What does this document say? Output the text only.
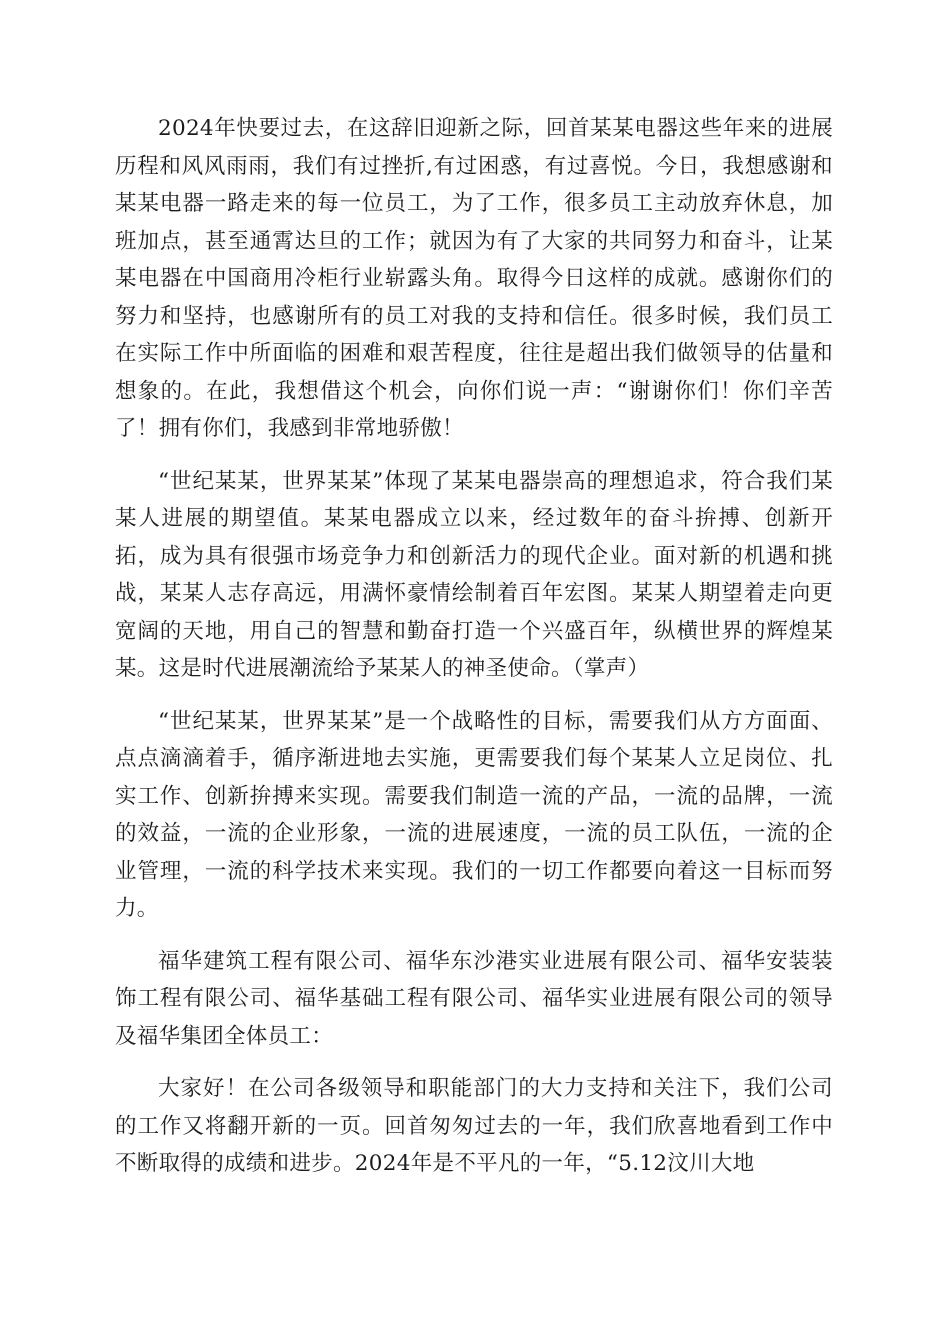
2024年快要过去，在这辞旧迎新之际，回首某某电器这些年来的进展历程和风风雨雨，我们有过挫折,有过困惑，有过喜悦。今日，我想感谢和某某电器一路走来的每一位员工，为了工作，很多员工主动放弃休息，加班加点，甚至通霄达旦的工作；就因为有了大家的共同努力和奋斗，让某某电器在中国商用冷柜行业崭露头角。取得今日这样的成就。感谢你们的努力和坚持，也感谢所有的员工对我的支持和信任。很多时候，我们员工在实际工作中所面临的困难和艰苦程度，往往是超出我们做领导的估量和想象的。在此，我想借这个机会，向你们说一声：“谢谢你们！你们辛苦了！拥有你们，我感到非常地骄傲！

“世纪某某，世界某某”体现了某某电器崇高的理想追求，符合我们某某人进展的期望值。某某电器成立以来，经过数年的奋斗拚搏、创新开拓，成为具有很强市场竞争力和创新活力的现代企业。面对新的机遇和挑战，某某人志存高远，用满怀豪情绘制着百年宏图。某某人期望着走向更宽阔的天地，用自己的智慧和勤奋打造一个兴盛百年，纵横世界的辉煌某某。这是时代进展潮流给予某某人的神圣使命。（掌声）

“世纪某某，世界某某”是一个战略性的目标，需要我们从方方面面、点点滴滴着手，循序渐进地去实施，更需要我们每个某某人立足岗位、扎实工作、创新拚搏来实现。需要我们制造一流的产品，一流的品牌，一流的效益，一流的企业形象，一流的进展速度，一流的员工队伍，一流的企业管理，一流的科学技术来实现。我们的一切工作都要向着这一目标而努力。

福华建筑工程有限公司、福华东沙港实业进展有限公司、福华安装装饰工程有限公司、福华基础工程有限公司、福华实业进展有限公司的领导及福华集团全体员工：

大家好！在公司各级领导和职能部门的大力支持和关注下，我们公司的工作又将翻开新的一页。回首匆匆过去的一年，我们欣喜地看到工作中不断取得的成绩和进步。2024年是不平凡的一年，“5.12汶川大地
